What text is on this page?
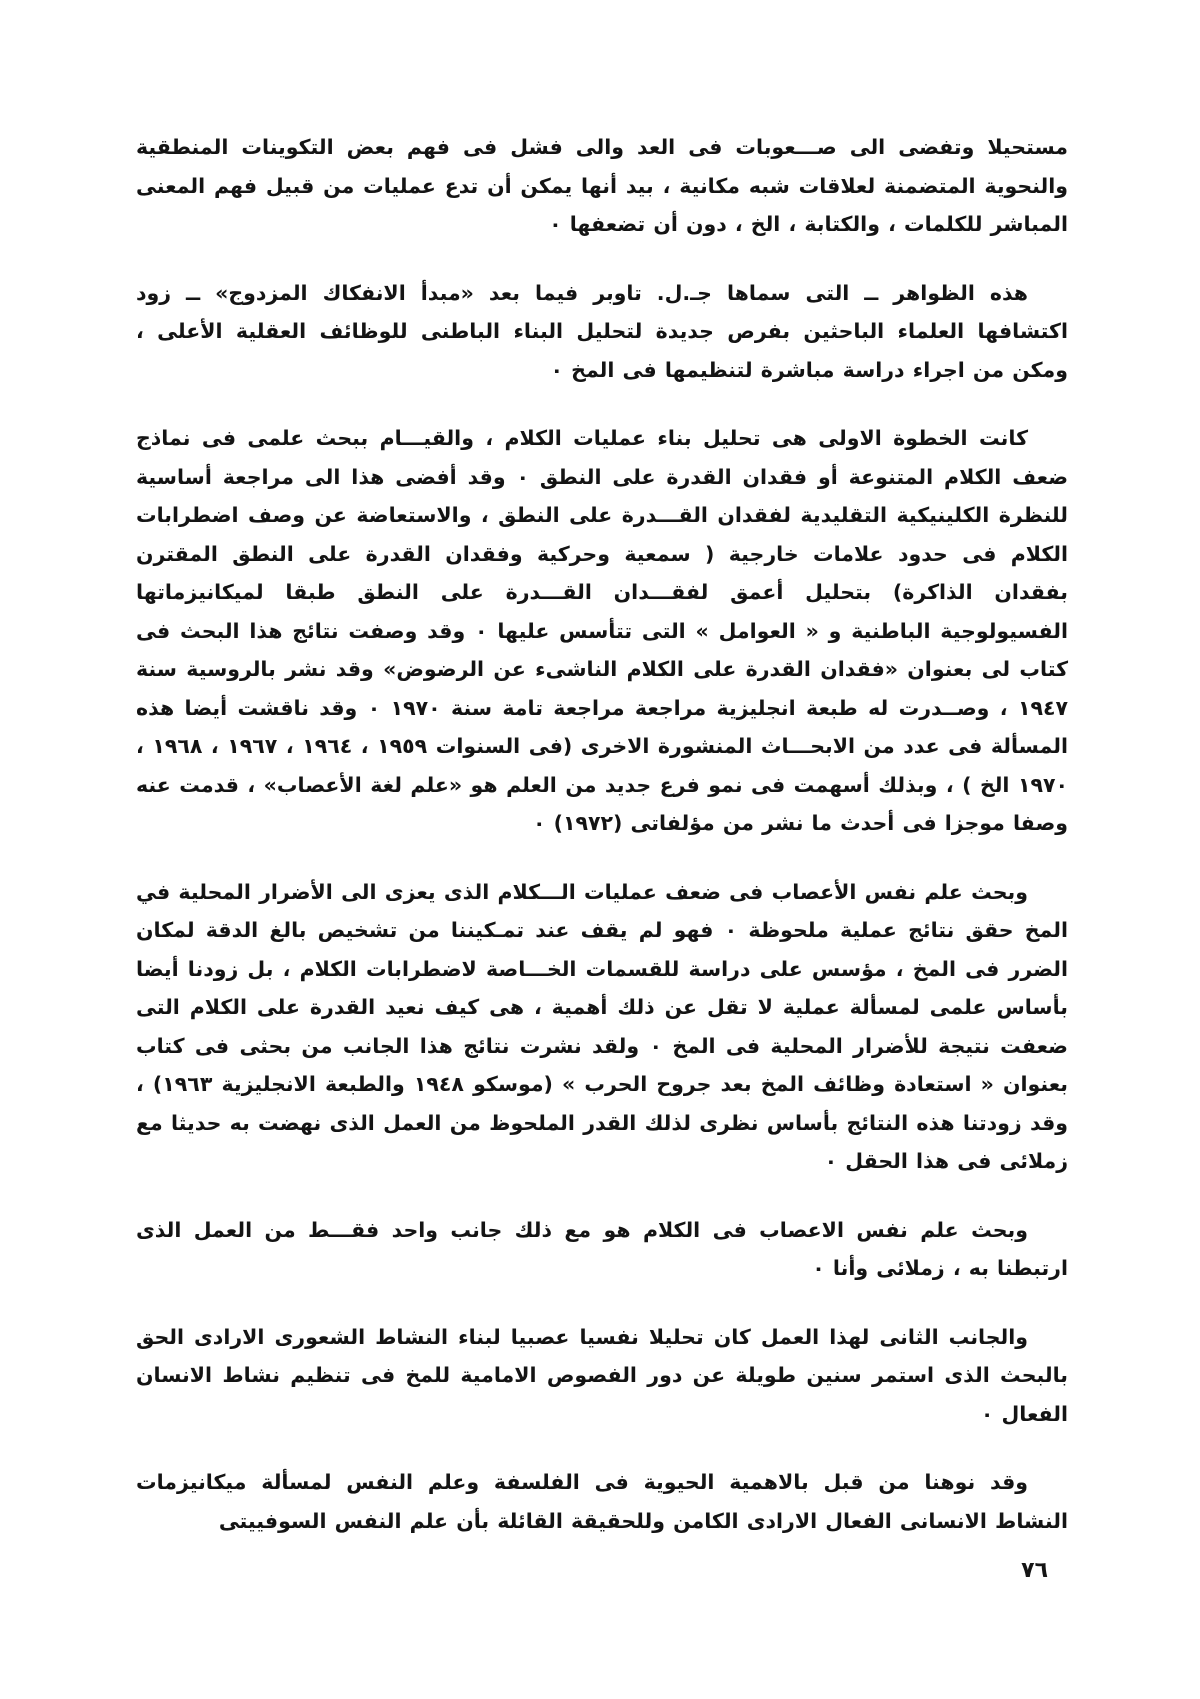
مستحيلا وتفضى الى صـــعوبات فى العد والى فشل فى فهم بعض التكوينات المنطقية والنحوية المتضمنة لعلاقات شبه مكانية ، بيد أنها يمكن أن تدع عمليات من قبيل فهم المعنى المباشر للكلمات ، والكتابة ، الخ ، دون أن تضعفها ٠

هذه الظواهر ــ التى سماها جـ.ل. تاوبر فيما بعد «مبدأ الانفكاك المزدوج» ــ زود اكتشافها العلماء الباحثين بفرص جديدة لتحليل البناء الباطنى للوظائف العقلية الأعلى ، ومكن من اجراء دراسة مباشرة لتنظيمها فى المخ ٠

كانت الخطوة الاولى هى تحليل بناء عمليات الكلام ، والقيـــام ببحث علمى فى نماذج ضعف الكلام المتنوعة أو فقدان القدرة على النطق ٠ وقد أفضى هذا الى مراجعة أساسية للنظرة الكلينيكية التقليدية لفقدان القـــدرة على النطق ، والاستعاضة عن وصف اضطرابات الكلام فى حدود علامات خارجية ( سمعية وحركية وفقدان القدرة على النطق المقترن بفقدان الذاكرة) بتحليل أعمق لفقـــدان القـــدرة على النطق طبقا لميكانيزماتها الفسيولوجية الباطنية و « العوامل » التى تتأسس عليها ٠ وقد وصفت نتائج هذا البحث فى كتاب لى بعنوان «فقدان القدرة على الكلام الناشىء عن الرضوض» وقد نشر بالروسية سنة ١٩٤٧ ، وصــدرت له طبعة انجليزية مراجعة مراجعة تامة سنة ١٩٧٠ ٠ وقد ناقشت أيضا هذه المسألة فى عدد من الابحـــاث المنشورة الاخرى (فى السنوات ١٩٥٩ ، ١٩٦٤ ، ١٩٦٧ ، ١٩٦٨ ، ١٩٧٠ الخ ) ، وبذلك أسهمت فى نمو فرع جديد من العلم هو «علم لغة الأعصاب» ، قدمت عنه وصفا موجزا فى أحدث ما نشر من مؤلفاتى (١٩٧٢) ٠

وبحث علم نفس الأعصاب فى ضعف عمليات الـــكلام الذى يعزى الى الأضرار المحلية في المخ حقق نتائج عملية ملحوظة ٠ فهو لم يقف عند تمـكيننا من تشخيص بالغ الدقة لمكان الضرر فى المخ ، مؤسس على دراسة للقسمات الخـــاصة لاضطرابات الكلام ، بل زودنا أيضا بأساس علمى لمسألة عملية لا تقل عن ذلك أهمية ، هى كيف نعيد القدرة على الكلام التى ضعفت نتيجة للأضرار المحلية فى المخ ٠ ولقد نشرت نتائج هذا الجانب من بحثى فى كتاب بعنوان « استعادة وظائف المخ بعد جروح الحرب » (موسكو ١٩٤٨ والطبعة الانجليزية ١٩٦٣) ، وقد زودتنا هذه النتائج بأساس نظرى لذلك القدر الملحوظ من العمل الذى نهضت به حديثا مع زملائى فى هذا الحقل ٠

وبحث علم نفس الاعصاب فى الكلام هو مع ذلك جانب واحد فقـــط من العمل الذى ارتبطنا به ، زملائى وأنا ٠

والجانب الثانى لهذا العمل كان تحليلا نفسيا عصبيا لبناء النشاط الشعورى الارادى الحق بالبحث الذى استمر سنين طويلة عن دور الفصوص الامامية للمخ فى تنظيم نشاط الانسان الفعال ٠

وقد نوهنا من قبل بالاهمية الحيوية فى الفلسفة وعلم النفس لمسألة ميكانيزمات النشاط الانسانى الفعال الارادى الكامن وللحقيقة القائلة بأن علم النفس السوفييتى

٧٦
